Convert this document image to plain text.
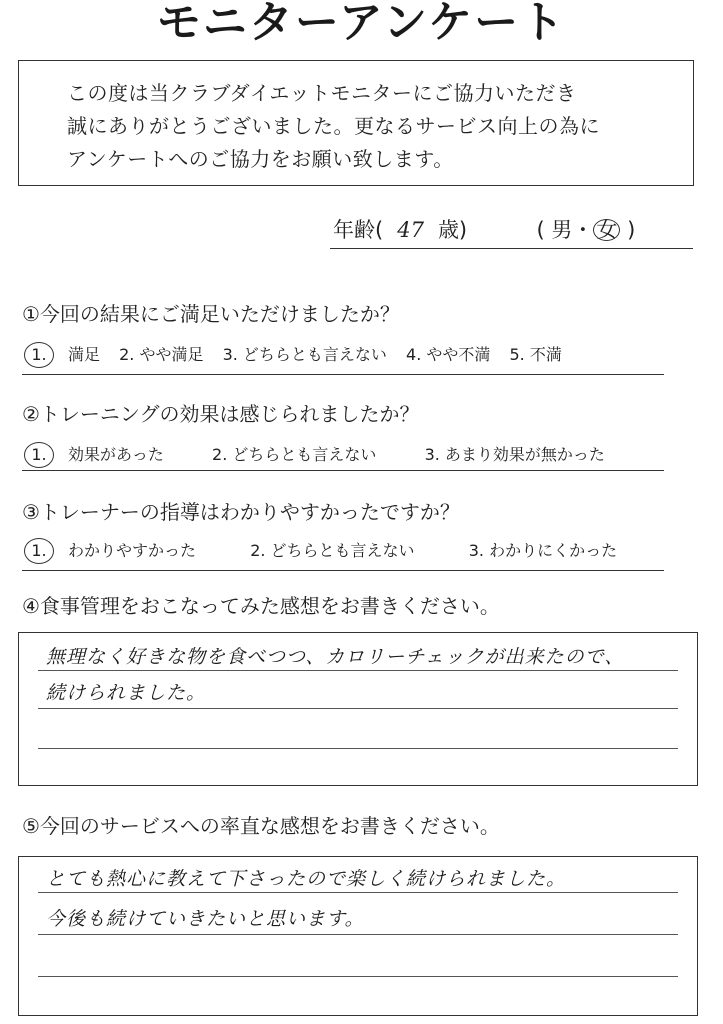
モニターアンケート
この度は当クラブダイエットモニターにご協力いただき
誠にありがとうございました。更なるサービス向上の為に
アンケートへのご協力をお願い致します。
年齢( 47 歳)	( 男・ 女 )
①今回の結果にご満足いただけましたか？
1. 満足 2. やや満足 3. どちらとも言えない 4. やや不満 5. 不満
②トレーニングの効果は感じられましたか？
1. 効果があった	2. どちらとも言えない	3. あまり効果が無かった
③トレーナーの指導はわかりやすかったですか？
1. わかりやすかった	2. どちらとも言えない	3. わかりにくかった
④食事管理をおこなってみた感想をお書きください。
無理なく好きな物を食べつつ、カロリーチェックが出来たので、
続けられました。
⑤今回のサービスへの率直な感想をお書きください。
とても熱心に教えて下さったので楽しく続けられました。
今後も続けていきたいと思います。
